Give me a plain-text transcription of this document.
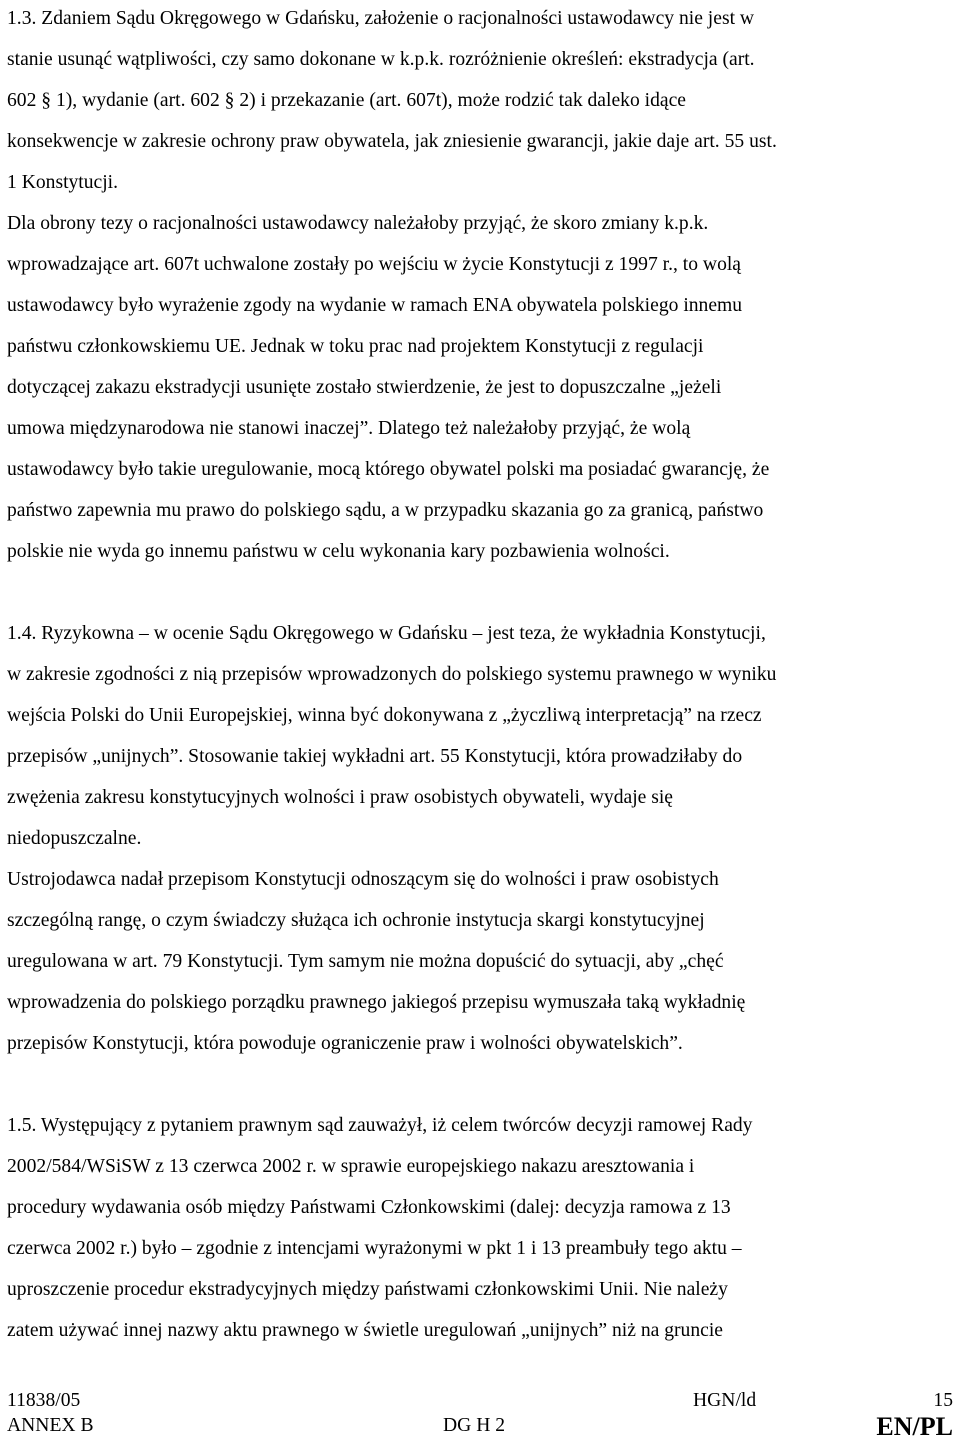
1.3. Zdaniem Sądu Okręgowego w Gdańsku, założenie o racjonalności ustawodawcy nie jest w
stanie usunąć wątpliwości, czy samo dokonane w k.p.k. rozróżnienie określeń: ekstradycja (art.
602 § 1), wydanie (art. 602 § 2) i przekazanie (art. 607t), może rodzić tak daleko idące
konsekwencje w zakresie ochrony praw obywatela, jak zniesienie gwarancji, jakie daje art. 55 ust.
1 Konstytucji.
Dla obrony tezy o racjonalności ustawodawcy należałoby przyjąć, że skoro zmiany k.p.k.
wprowadzające art. 607t uchwalone zostały po wejściu w życie Konstytucji z 1997 r., to wolą
ustawodawcy było wyrażenie zgody na wydanie w ramach ENA obywatela polskiego innemu
państwu członkowskiemu UE. Jednak w toku prac nad projektem Konstytucji z regulacji
dotyczącej zakazu ekstradycji usunięte zostało stwierdzenie, że jest to dopuszczalne „jeżeli
umowa międzynarodowa nie stanowi inaczej”. Dlatego też należałoby przyjąć, że wolą
ustawodawcy było takie uregulowanie, mocą którego obywatel polski ma posiadać gwarancję, że
państwo zapewnia mu prawo do polskiego sądu, a w przypadku skazania go za granicą, państwo
polskie nie wyda go innemu państwu w celu wykonania kary pozbawienia wolności.
1.4. Ryzykowna – w ocenie Sądu Okręgowego w Gdańsku – jest teza, że wykładnia Konstytucji,
w zakresie zgodności z nią przepisów wprowadzonych do polskiego systemu prawnego w wyniku
wejścia Polski do Unii Europejskiej, winna być dokonywana z „życzliwą interpretacją” na rzecz
przepisów „unijnych”. Stosowanie takiej wykładni art. 55 Konstytucji, która prowadziłaby do
zwężenia zakresu konstytucyjnych wolności i praw osobistych obywateli, wydaje się
niedopuszczalne.
Ustrojodawca nadał przepisom Konstytucji odnoszącym się do wolności i praw osobistych
szczególną rangę, o czym świadczy służąca ich ochronie instytucja skargi konstytucyjnej
uregulowana w art. 79 Konstytucji. Tym samym nie można dopuścić do sytuacji, aby „chęć
wprowadzenia do polskiego porządku prawnego jakiegoś przepisu wymuszała taką wykładnię
przepisów Konstytucji, która powoduje ograniczenie praw i wolności obywatelskich”.
1.5. Występujący z pytaniem prawnym sąd zauważył, iż celem twórców decyzji ramowej Rady
2002/584/WSiSW z 13 czerwca 2002 r. w sprawie europejskiego nakazu aresztowania i
procedury wydawania osób między Państwami Członkowskimi (dalej: decyzja ramowa z 13
czerwca 2002 r.) było – zgodnie z intencjami wyrażonymi w pkt 1 i 13 preambuły tego aktu –
uproszczenie procedur ekstradycyjnych między państwami członkowskimi Unii. Nie należy
zatem używać innej nazwy aktu prawnego w świetle uregulowań „unijnych” niż na gruncie
11838/05	HGN/ld	15
ANNEX B	DG H 2	EN/PL
